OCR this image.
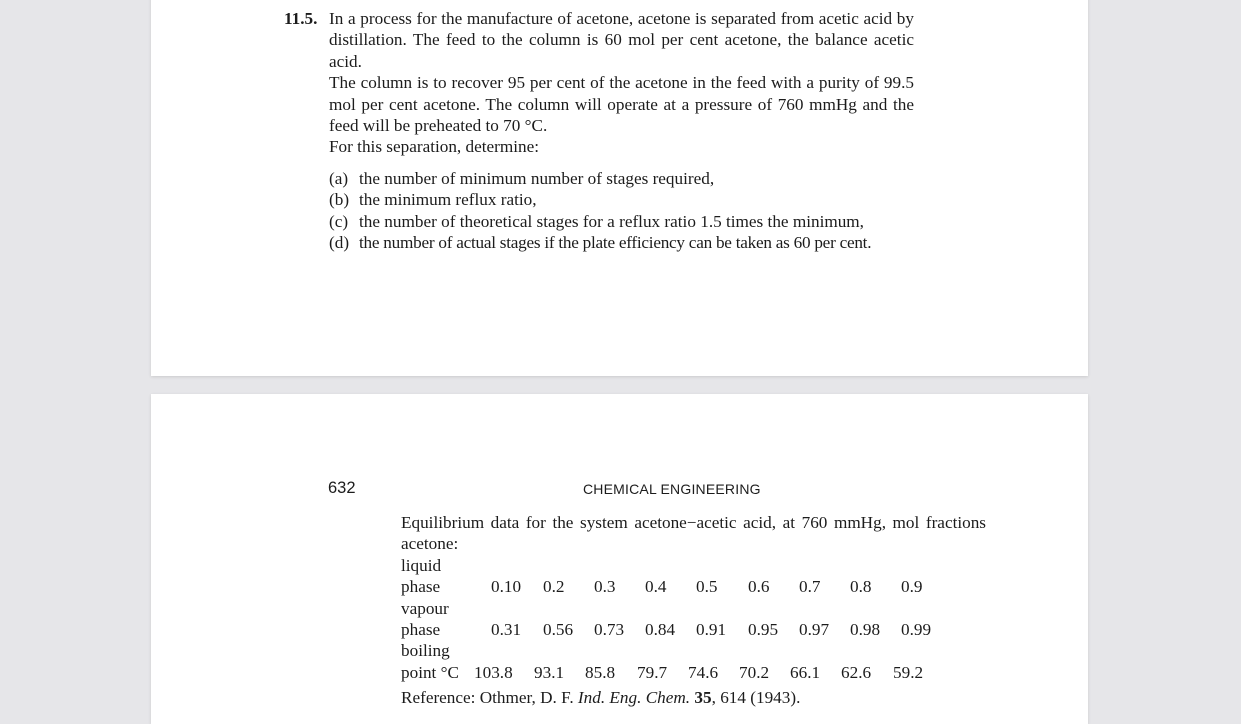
11.5. In a process for the manufacture of acetone, acetone is separated from acetic acid by distillation. The feed to the column is 60 mol per cent acetone, the balance acetic acid.

The column is to recover 95 per cent of the acetone in the feed with a purity of 99.5 mol per cent acetone. The column will operate at a pressure of 760 mmHg and the feed will be preheated to 70 °C.

For this separation, determine:

(a) the number of minimum number of stages required,
(b) the minimum reflux ratio,
(c) the number of theoretical stages for a reflux ratio 1.5 times the minimum,
(d) the number of actual stages if the plate efficiency can be taken as 60 per cent.
632	CHEMICAL ENGINEERING

Equilibrium data for the system acetone−acetic acid, at 760 mmHg, mol fractions acetone:

liquid
phase	0.10 0.2 0.3 0.4 0.5 0.6 0.7 0.8 0.9
vapour
phase	0.31 0.56 0.73 0.84 0.91 0.95 0.97 0.98 0.99
boiling
point °C 103.8 93.1 85.8 79.7 74.6 70.2 66.1 62.6 59.2
Reference: Othmer, D. F. Ind. Eng. Chem. 35, 614 (1943).
